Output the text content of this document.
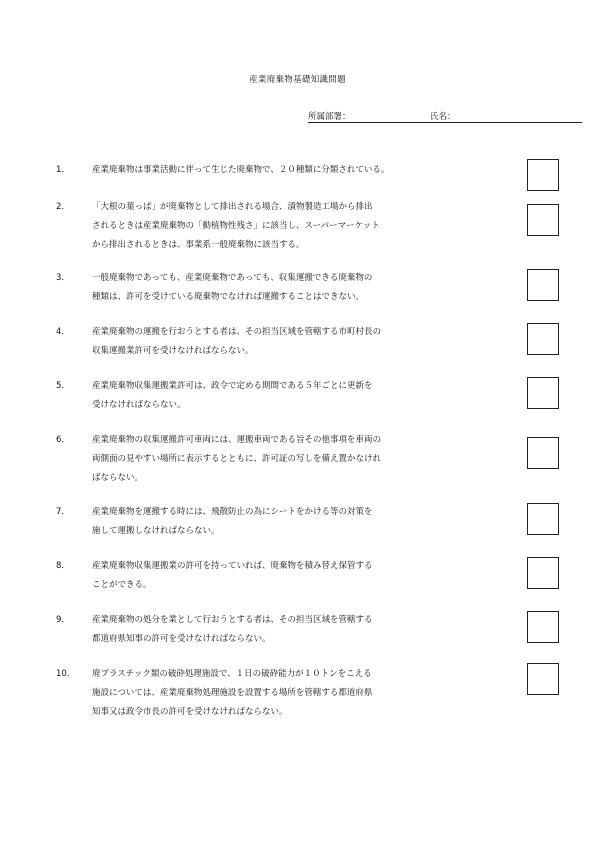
産業廃棄物基礎知識問題
所属部署：	氏名：
1．	産業廃棄物は事業活動に伴って生じた廃棄物で、２０種類に分類されている。
2．	「大根の葉っぱ」が廃棄物として排出される場合、漬物製造工場から排出
されるときは産業廃棄物の「動植物性残さ」に該当し、スーパーマーケット
から排出されるときは、事業系一般廃棄物に該当する。
3．	一般廃棄物であっても、産業廃棄物であっても、収集運搬できる廃棄物の
種類は、許可を受けている廃棄物でなければ運搬することはできない。
4．	産業廃棄物の運搬を行おうとする者は、その担当区域を管轄する市町村長の
収集運搬業許可を受けなければならない。
5．	産業廃棄物収集運搬業許可は、政令で定める期間である５年ごとに更新を
受けなければならない。
6．	産業廃棄物の収集運搬許可車両には、運搬車両である旨その他事項を車両の
両側面の見やすい場所に表示するとともに、許可証の写しを備え置かなけれ
ばならない。
7．	産業廃棄物を運搬する時には、飛散防止の為にシートをかける等の対策を
施して運搬しなければならない。
8．	産業廃棄物収集運搬業の許可を持っていれば、廃棄物を積み替え保管する
ことができる。
9．	産業廃棄物の処分を業として行おうとする者は、その担当区域を管轄する
都道府県知事の許可を受けなければならない。
10． 廃プラスチック類の破砕処理施設で、１日の破砕能力が１０トンをこえる
施設については、産業廃棄物処理施設を設置する場所を管轄する都道府県
知事又は政令市長の許可を受けなければならない。
